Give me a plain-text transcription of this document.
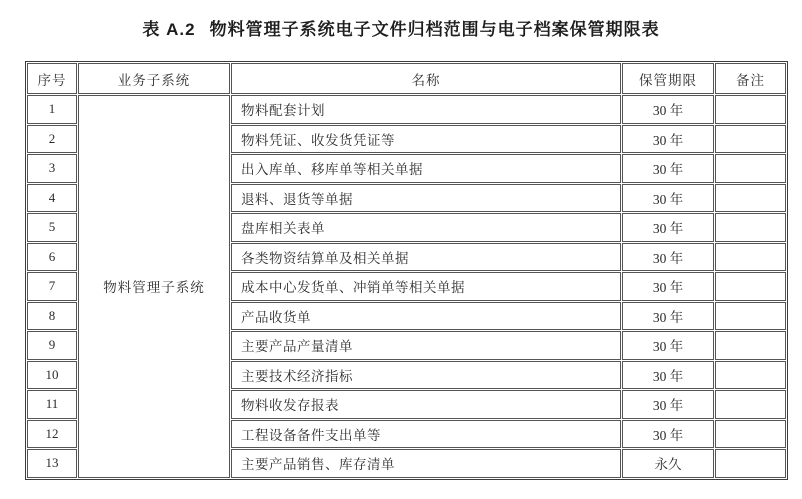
表 A.2 物料管理子系统电子文件归档范围与电子档案保管期限表
序号	业务子系统	名称	保管期限	备注
1	物料管理子系统	物料配套计划	30 年	
2		物料凭证、收发货凭证等	30 年	
3		出入库单、移库单等相关单据	30 年	
4		退料、退货等单据	30 年	
5		盘库相关表单	30 年	
6		各类物资结算单及相关单据	30 年	
7		成本中心发货单、冲销单等相关单据	30 年	
8		产品收货单	30 年	
9		主要产品产量清单	30 年	
10		主要技术经济指标	30 年	
11		物料收发存报表	30 年	
12		工程设备备件支出单等	30 年	
13		主要产品销售、库存清单	永久	
